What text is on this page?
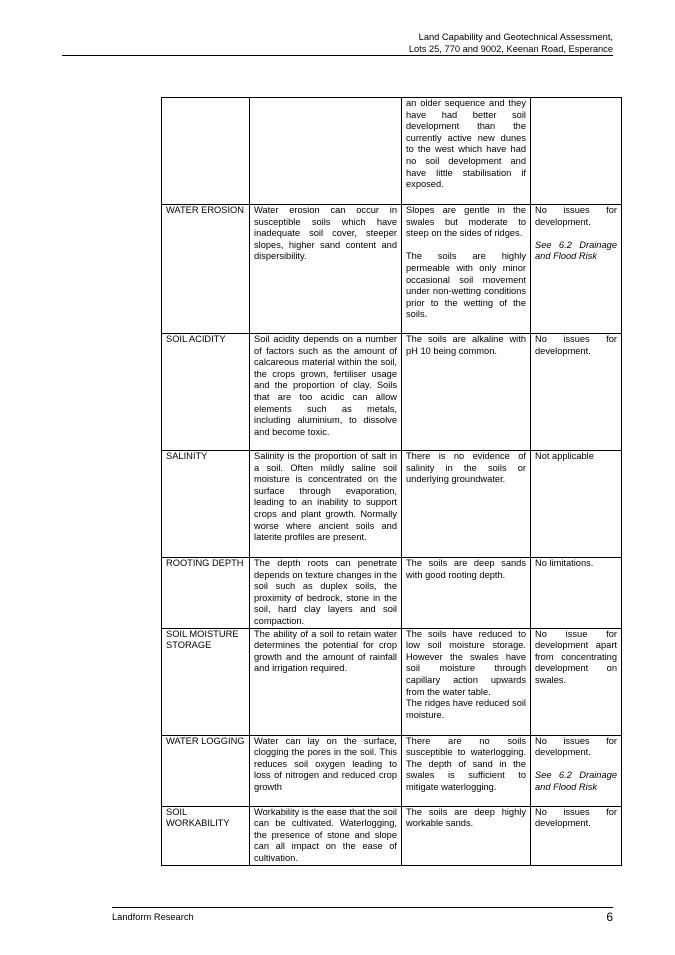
Land Capability and Geotechnical Assessment,
Lots 25, 770 and 9002, Keenan Road, Esperance

		an older sequence and they have had better soil development than the currently active new dunes to the west which have had no soil development and have little stabilisation if exposed.	

WATER EROSION	Water erosion can occur in susceptible soils which have inadequate soil cover, steeper slopes, higher sand content and dispersibility.	Slopes are gentle in the swales but moderate to steep on the sides of ridges.
The soils are highly permeable with only minor occasional soil movement under non-wetting conditions prior to the wetting of the soils.	No issues for development.
See 6.2 Drainage and Flood Risk

SOIL ACIDITY	Soil acidity depends on a number of factors such as the amount of calcareous material within the soil, the crops grown, fertiliser usage and the proportion of clay. Soils that are too acidic can allow elements such as metals, including aluminium, to dissolve and become toxic.	The soils are alkaline with pH 10 being common.	No issues for development.

SALINITY	Salinity is the proportion of salt in a soil. Often mildly saline soil moisture is concentrated on the surface through evaporation, leading to an inability to support crops and plant growth. Normally worse where ancient soils and laterite profiles are present.	There is no evidence of salinity in the soils or underlying groundwater.	Not applicable

ROOTING DEPTH	The depth roots can penetrate depends on texture changes in the soil such as duplex soils, the proximity of bedrock, stone in the soil, hard clay layers and soil compaction.	The soils are deep sands with good rooting depth.	No limitations.

SOIL MOISTURE STORAGE	The ability of a soil to retain water determines the potential for crop growth and the amount of rainfall and irrigation required.	The soils have reduced to low soil moisture storage. However the swales have soil moisture through capillary action upwards from the water table.
The ridges have reduced soil moisture.	No issue for development apart from concentrating development on swales.

WATER LOGGING	Water can lay on the surface, clogging the pores in the soil. This reduces soil oxygen leading to loss of nitrogen and reduced crop growth	There are no soils susceptible to waterlogging. The depth of sand in the swales is sufficient to mitigate waterlogging.	No issues for development.
See 6.2 Drainage and Flood Risk

SOIL WORKABILITY	Workability is the ease that the soil can be cultivated. Waterlogging, the presence of stone and slope can all impact on the ease of cultivation.	The soils are deep highly workable sands.	No issues for development.
Landform Research	6
